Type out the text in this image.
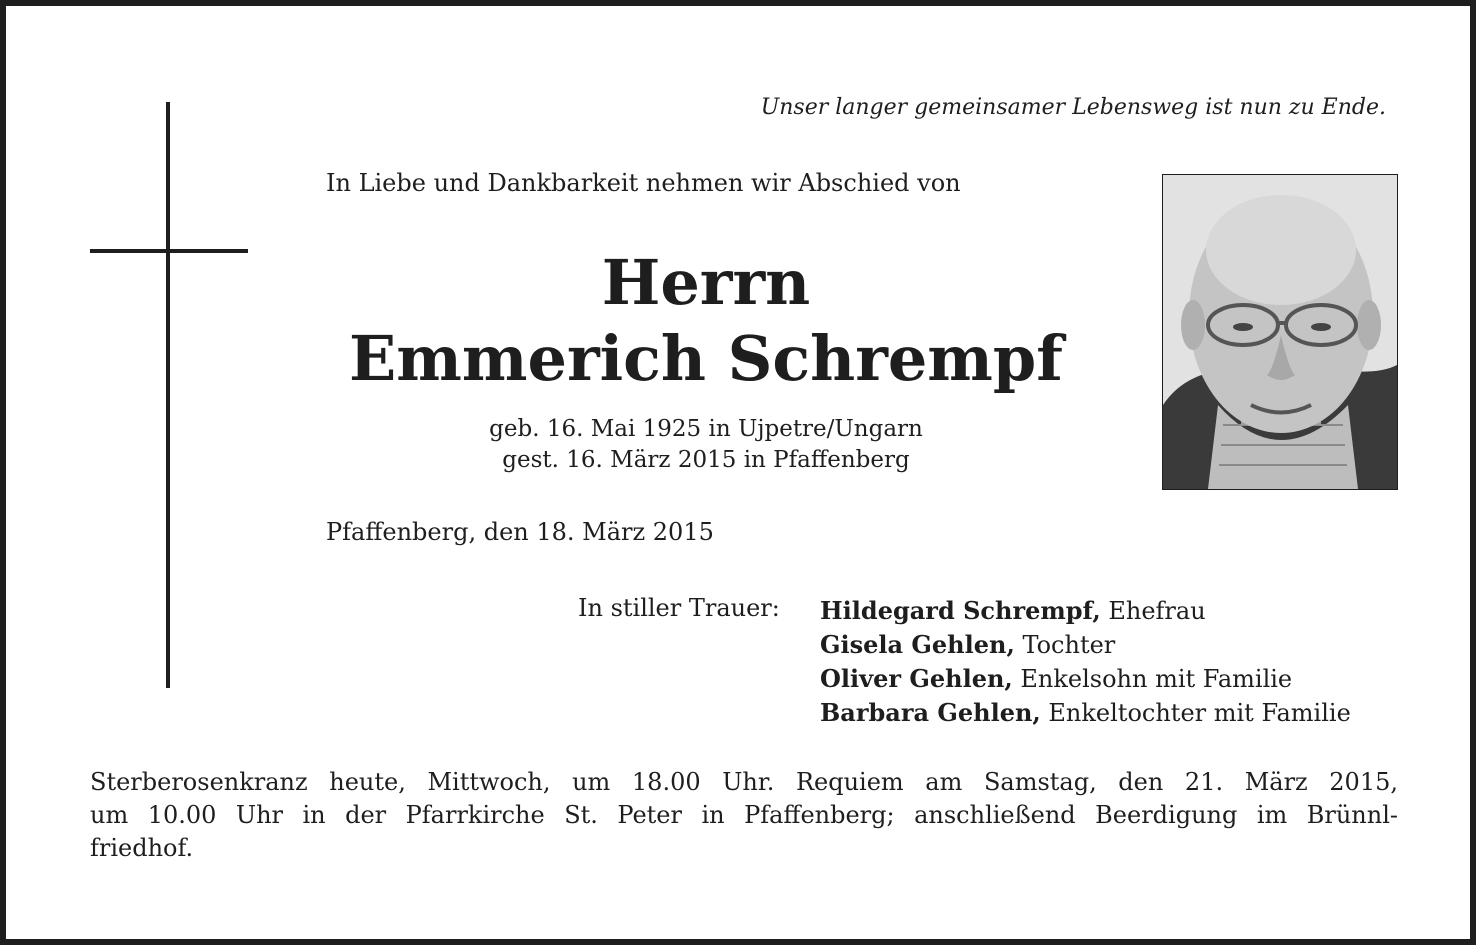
Unser langer gemeinsamer Lebensweg ist nun zu Ende.
In Liebe und Dankbarkeit nehmen wir Abschied von
Herrn
Emmerich Schrempf
geb. 16. Mai 1925 in Ujpetre/Ungarn
gest. 16. März 2015 in Pfaffenberg
Pfaffenberg, den 18. März 2015
In stiller Trauer: Hildegard Schrempf, Ehefrau
Gisela Gehlen, Tochter
Oliver Gehlen, Enkelsohn mit Familie
Barbara Gehlen, Enkeltochter mit Familie
Sterberosenkranz heute, Mittwoch, um 18.00 Uhr. Requiem am Samstag, den 21. März 2015,
um 10.00 Uhr in der Pfarrkirche St. Peter in Pfaffenberg; anschließend Beerdigung im Brünnl-
friedhof.
